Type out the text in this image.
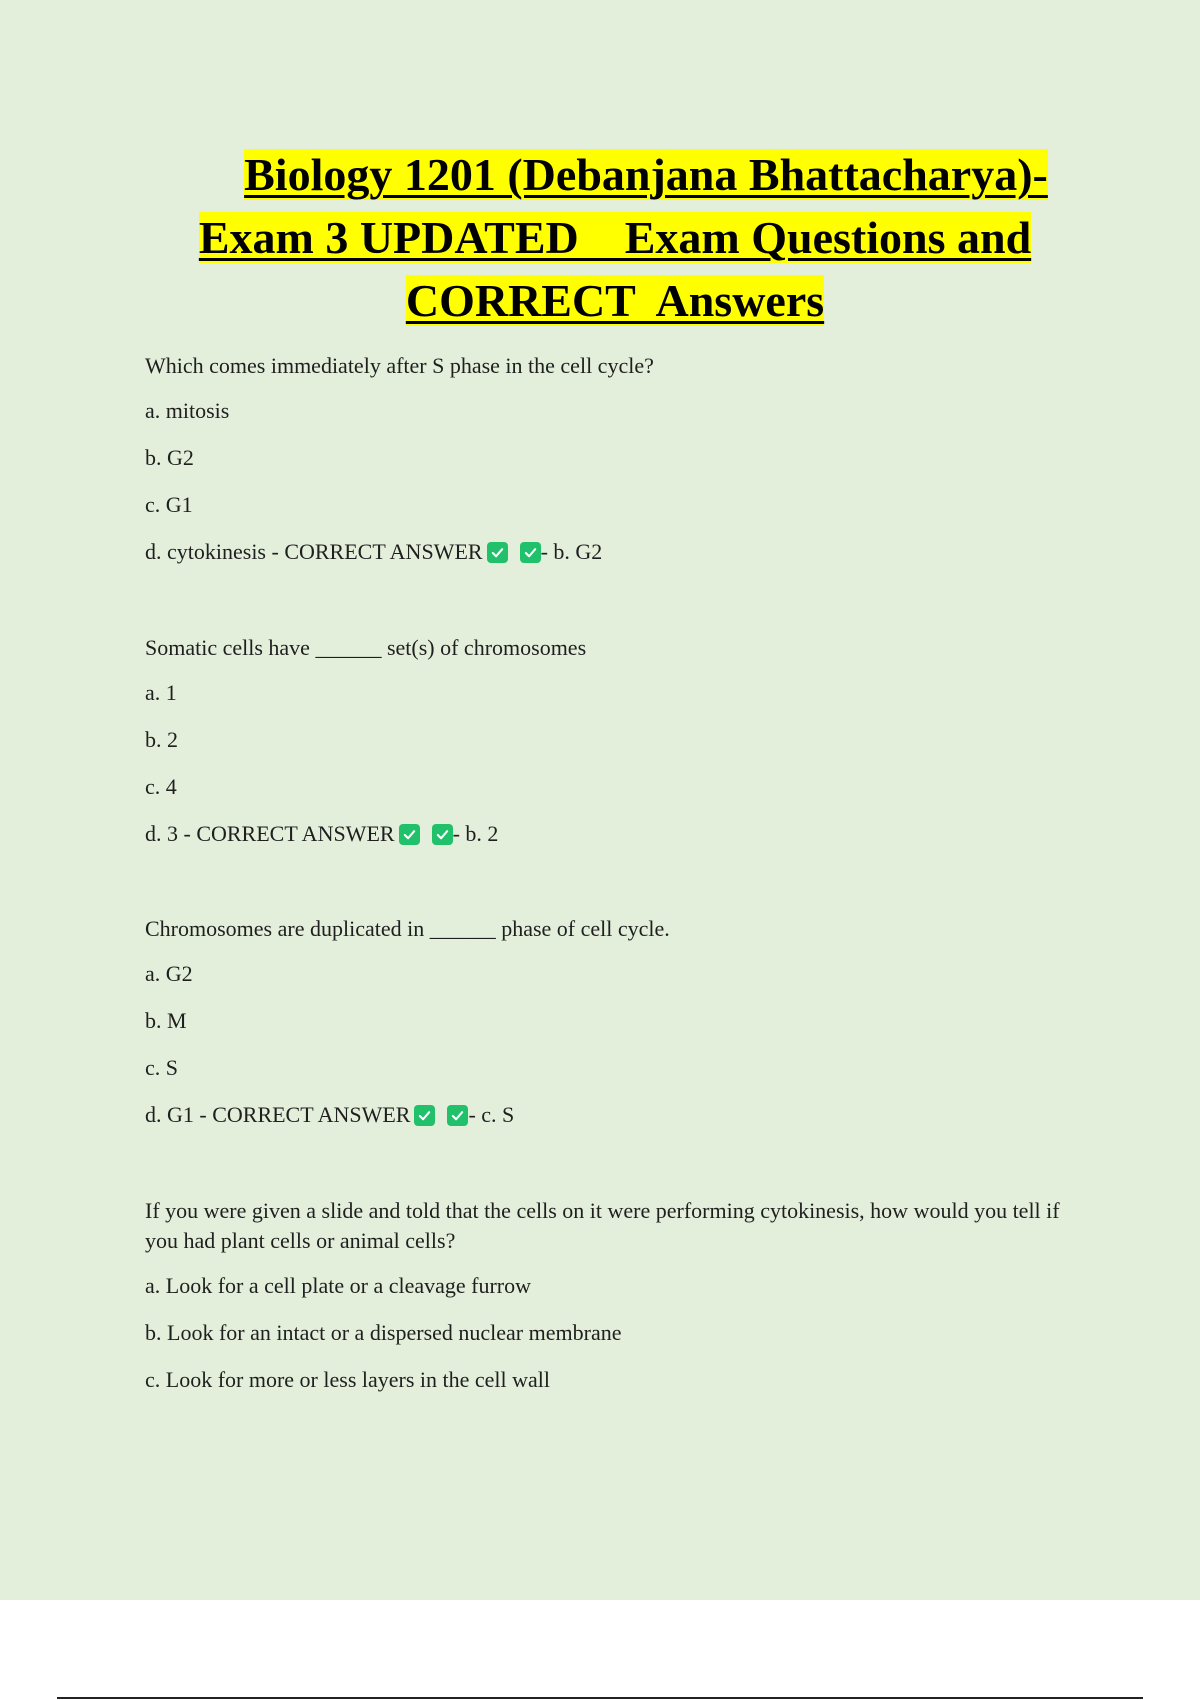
Biology 1201 (Debanjana Bhattacharya)-
Exam 3 UPDATED    Exam Questions and
CORRECT  Answers

Which comes immediately after S phase in the cell cycle?

a. mitosis

b. G2

c. G1

d. cytokinesis - CORRECT ANSWER	- b. G2

Somatic cells have ______ set(s) of chromosomes

a. 1

b. 2

c. 4

d. 3 - CORRECT ANSWER	- b. 2

Chromosomes are duplicated in ______ phase of cell cycle.

a. G2

b. M

c. S

d. G1 - CORRECT ANSWER	- c. S

If you were given a slide and told that the cells on it were performing cytokinesis, how would you tell if you had plant cells or animal cells?

a. Look for a cell plate or a cleavage furrow

b. Look for an intact or a dispersed nuclear membrane

c. Look for more or less layers in the cell wall
